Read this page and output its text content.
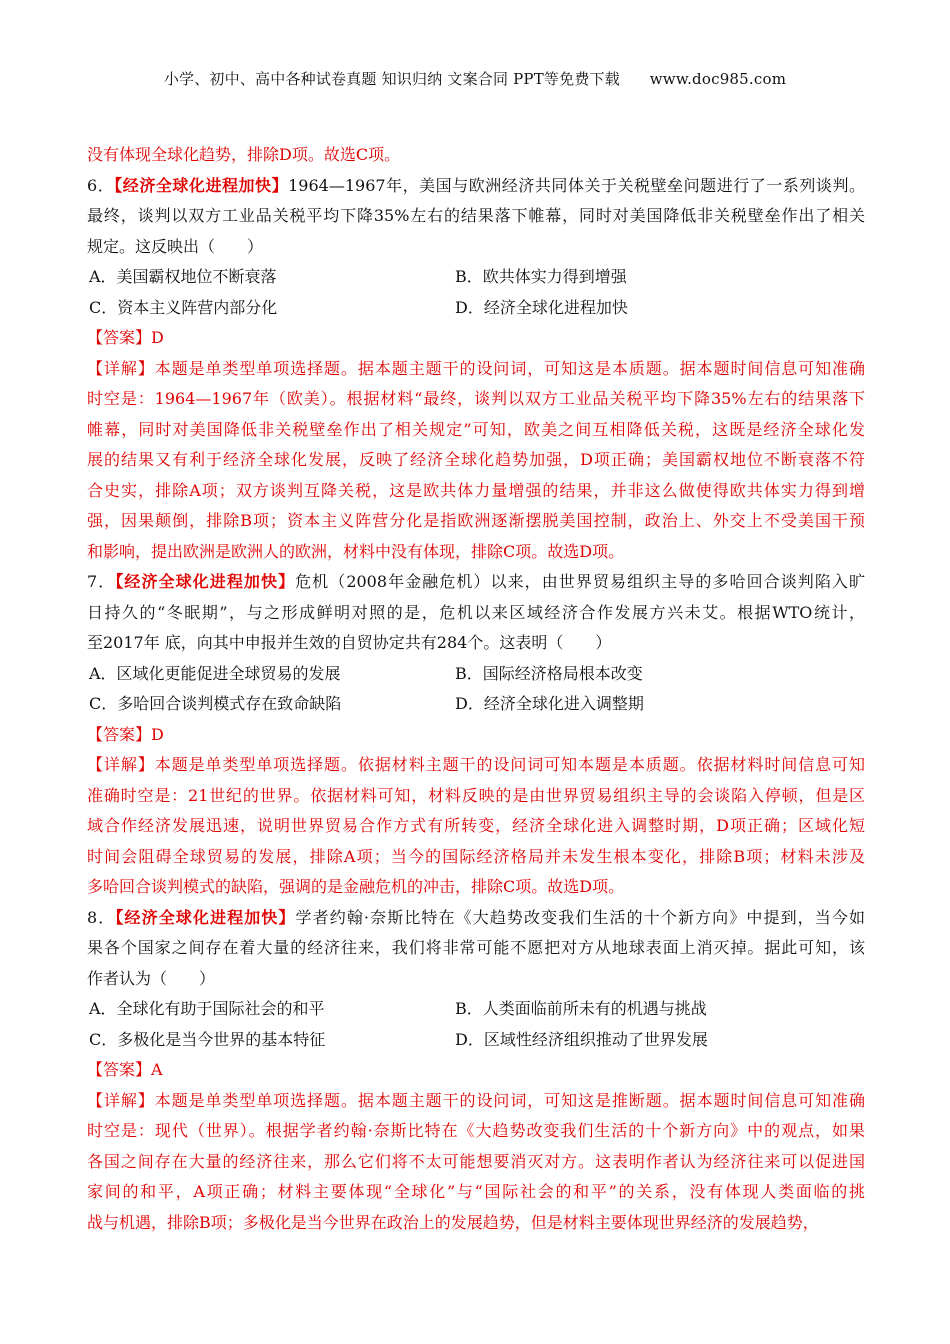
小学、初中、高中各种试卷真题 知识归纳 文案合同 PPT等免费下载 www.doc985.com
没有体现全球化趋势，排除D项。故选C项。
6．【经济全球化进程加快】1964—1967年，美国与欧洲经济共同体关于关税壁垒问题进行了一系列谈判。
最终，谈判以双方工业品关税平均下降35%左右的结果落下帷幕，同时对美国降低非关税壁垒作出了相关
规定。这反映出（　　）
A．美国霸权地位不断衰落	B．欧共体实力得到增强
C．资本主义阵营内部分化	D．经济全球化进程加快
【答案】D
【详解】本题是单类型单项选择题。据本题主题干的设问词，可知这是本质题。据本题时间信息可知准确
时空是：1964—1967年（欧美）。根据材料“最终，谈判以双方工业品关税平均下降35%左右的结果落下
帷幕，同时对美国降低非关税壁垒作出了相关规定”可知，欧美之间互相降低关税，这既是经济全球化发
展的结果又有利于经济全球化发展，反映了经济全球化趋势加强，D项正确；美国霸权地位不断衰落不符
合史实，排除A项；双方谈判互降关税，这是欧共体力量增强的结果，并非这么做使得欧共体实力得到增
强，因果颠倒，排除B项；资本主义阵营分化是指欧洲逐渐摆脱美国控制，政治上、外交上不受美国干预
和影响，提出欧洲是欧洲人的欧洲，材料中没有体现，排除C项。故选D项。
7．【经济全球化进程加快】危机（2008年金融危机）以来，由世界贸易组织主导的多哈回合谈判陷入旷
日持久的“冬眠期”，与之形成鲜明对照的是，危机以来区域经济合作发展方兴未艾。根据WTO统计，
至2017年 底，向其中申报并生效的自贸协定共有284个。这表明（　　）
A．区域化更能促进全球贸易的发展	B．国际经济格局根本改变
C．多哈回合谈判模式存在致命缺陷	D．经济全球化进入调整期
【答案】D
【详解】本题是单类型单项选择题。依据材料主题干的设问词可知本题是本质题。依据材料时间信息可知
准确时空是：21世纪的世界。依据材料可知，材料反映的是由世界贸易组织主导的会谈陷入停顿，但是区
域合作经济发展迅速，说明世界贸易合作方式有所转变，经济全球化进入调整时期，D项正确；区域化短
时间会阻碍全球贸易的发展，排除A项；当今的国际经济格局并未发生根本变化，排除B项；材料未涉及
多哈回合谈判模式的缺陷，强调的是金融危机的冲击，排除C项。故选D项。
8．【经济全球化进程加快】学者约翰·奈斯比特在《大趋势改变我们生活的十个新方向》中提到，当今如
果各个国家之间存在着大量的经济往来，我们将非常可能不愿把对方从地球表面上消灭掉。据此可知，该
作者认为（　　）
A．全球化有助于国际社会的和平	B．人类面临前所未有的机遇与挑战
C．多极化是当今世界的基本特征	D．区域性经济组织推动了世界发展
【答案】A
【详解】本题是单类型单项选择题。据本题主题干的设问词，可知这是推断题。据本题时间信息可知准确
时空是：现代（世界）。根据学者约翰·奈斯比特在《大趋势改变我们生活的十个新方向》中的观点，如果
各国之间存在大量的经济往来，那么它们将不太可能想要消灭对方。这表明作者认为经济往来可以促进国
家间的和平，A项正确；材料主要体现“全球化”与“国际社会的和平”的关系，没有体现人类面临的挑
战与机遇，排除B项；多极化是当今世界在政治上的发展趋势，但是材料主要体现世界经济的发展趋势，
